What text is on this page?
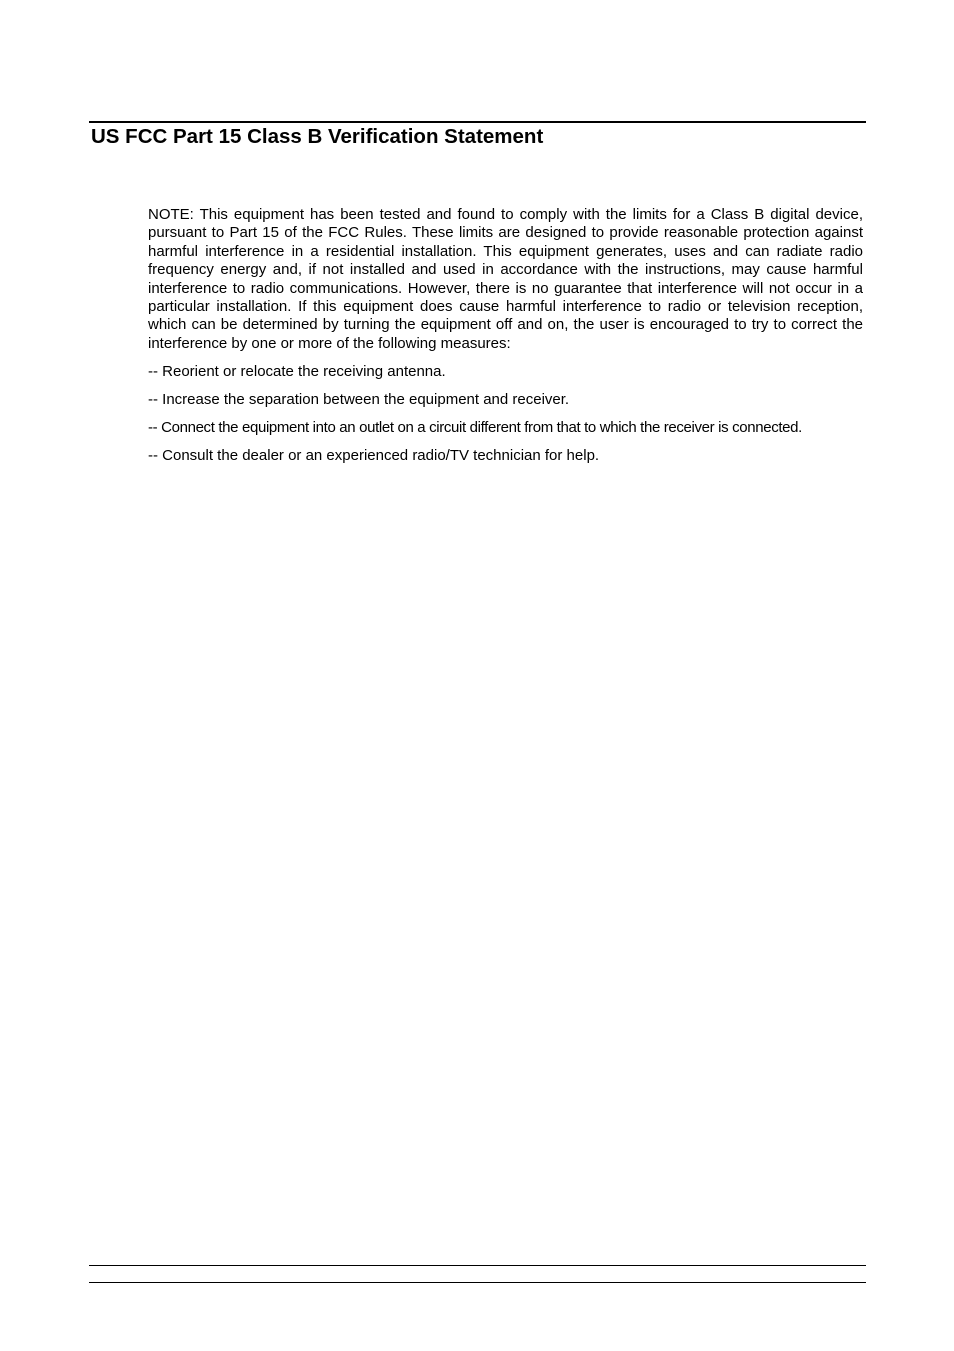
US FCC Part 15 Class B Verification Statement

NOTE: This equipment has been tested and found to comply with the limits for a Class B digital device, pursuant to Part 15 of the FCC Rules. These limits are designed to provide reasonable protection against harmful interference in a residential installation. This equipment generates, uses and can radiate radio frequency energy and, if not installed and used in accordance with the instructions, may cause harmful interference to radio communications. However, there is no guarantee that interference will not occur in a particular installation. If this equipment does cause harmful interference to radio or television reception, which can be determined by turning the equipment off and on, the user is encouraged to try to correct the interference by one or more of the following measures:

-- Reorient or relocate the receiving antenna.
-- Increase the separation between the equipment and receiver.
-- Connect the equipment into an outlet on a circuit different from that to which the receiver is connected.
-- Consult the dealer or an experienced radio/TV technician for help.
